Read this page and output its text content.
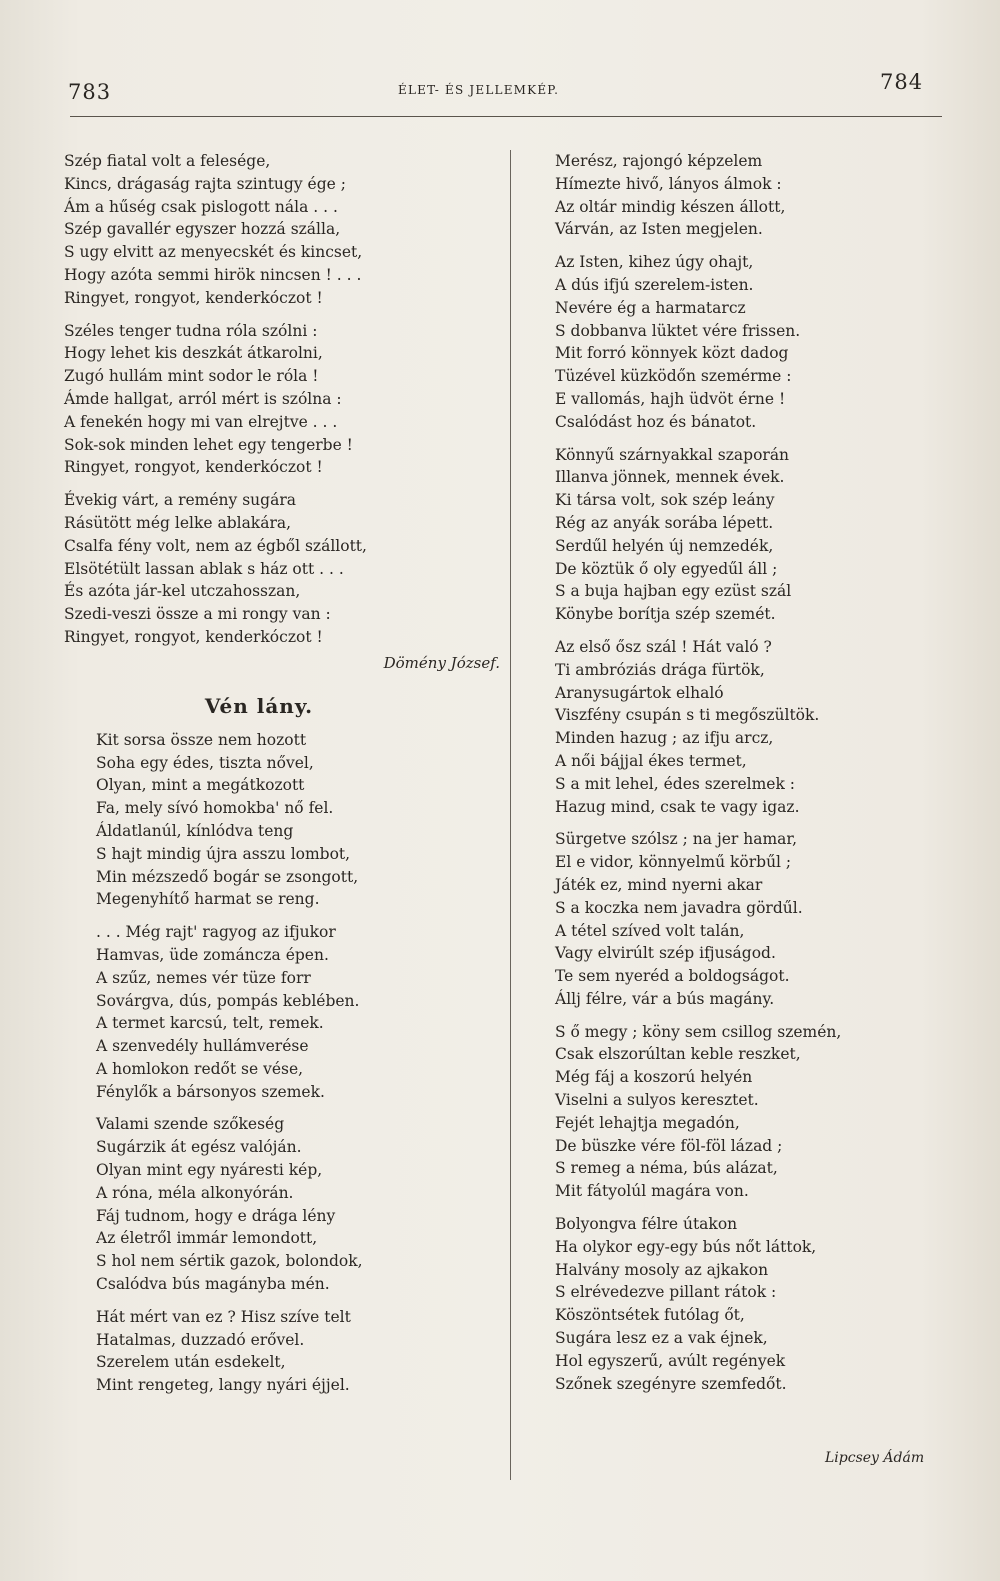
783	ÉLET- ÉS JELLEMKÉP.	784
Szép fiatal volt a felesége,
Kincs, drágaság rajta szintugy ége ;
Ám a hűség csak pislogott nála . . .
Szép gavallér egyszer hozzá szálla,
S ugy elvitt az menyecskét és kincset,
Hogy azóta semmi hirök nincsen ! . . .
Ringyet, rongyot, kenderkóczot !
Széles tenger tudna róla szólni :
Hogy lehet kis deszkát átkarolni,
Zugó hullám mint sodor le róla !
Ámde hallgat, arról mért is szólna :
A fenekén hogy mi van elrejtve . . .
Sok-sok minden lehet egy tengerbe !
Ringyet, rongyot, kenderkóczot !
Évekig várt, a remény sugára
Rásütött még lelke ablakára,
Csalfa fény volt, nem az égből szállott,
Elsötétült lassan ablak s ház ott . . .
És azóta jár-kel utczahosszan,
Szedi-veszi össze a mi rongy van :
Ringyet, rongyot, kenderkóczot !
Dömény József.
Vén lány.
Kit sorsa össze nem hozott
Soha egy édes, tiszta nővel,
Olyan, mint a megátkozott
Fa, mely sívó homokba' nő fel.
Áldatlanúl, kínlódva teng
S hajt mindig újra asszu lombot,
Min mézszedő bogár se zsongott,
Megenyhítő harmat se reng.
. . . Még rajt' ragyog az ifjukor
Hamvas, üde zománcza épen.
A szűz, nemes vér tüze forr
Sovárgva, dús, pompás keblében.
A termet karcsú, telt, remek.
A szenvedély hullámverése
A homlokon redőt se vése,
Fénylők a bársonyos szemek.
Valami szende szőkeség
Sugárzik át egész valóján.
Olyan mint egy nyáresti kép,
A róna, méla alkonyórán.
Fáj tudnom, hogy e drága lény
Az életről immár lemondott,
S hol nem sértik gazok, bolondok,
Csalódva bús magányba mén.
Hát mért van ez ? Hisz szíve telt
Hatalmas, duzzadó erővel.
Szerelem után esdekelt,
Mint rengeteg, langy nyári éjjel.
Merész, rajongó képzelem
Hímezte hivő, lányos álmok :
Az oltár mindig készen állott,
Várván, az Isten megjelen.
Az Isten, kihez úgy ohajt,
A dús ifjú szerelem-isten.
Nevére ég a harmatarcz
S dobbanva lüktet vére frissen.
Mit forró könnyek közt dadog
Tüzével küzködőn szemérme :
E vallomás, hajh üdvöt érne !
Csalódást hoz és bánatot.
Könnyű szárnyakkal szaporán
Illanva jönnek, mennek évek.
Ki társa volt, sok szép leány
Rég az anyák sorába lépett.
Serdűl helyén új nemzedék,
De köztük ő oly egyedűl áll ;
S a buja hajban egy ezüst szál
Könybe borítja szép szemét.
Az első ősz szál ! Hát való ?
Ti ambróziás drága fürtök,
Aranysugártok elhaló
Viszfény csupán s ti megőszültök.
Minden hazug ; az ifju arcz,
A női bájjal ékes termet,
S a mit lehel, édes szerelmek :
Hazug mind, csak te vagy igaz.
Sürgetve szólsz ; na jer hamar,
El e vidor, könnyelmű körbűl ;
Játék ez, mind nyerni akar
S a koczka nem javadra gördűl.
A tétel szíved volt talán,
Vagy elvirúlt szép ifjuságod.
Te sem nyeréd a boldogságot.
Állj félre, vár a bús magány.
S ő megy ; köny sem csillog szemén,
Csak elszorúltan keble reszket,
Még fáj a koszorú helyén
Viselni a sulyos keresztet.
Fejét lehajtja megadón,
De büszke vére föl-föl lázad ;
S remeg a néma, bús alázat,
Mit fátyolúl magára von.
Bolyongva félre útakon
Ha olykor egy-egy bús nőt láttok,
Halvány mosoly az ajkakon
S elrévedezve pillant rátok :
Köszöntsétek futólag őt,
Sugára lesz ez a vak éjnek,
Hol egyszerű, avúlt regények
Szőnek szegényre szemfedőt.
Lipcsey Ádám
